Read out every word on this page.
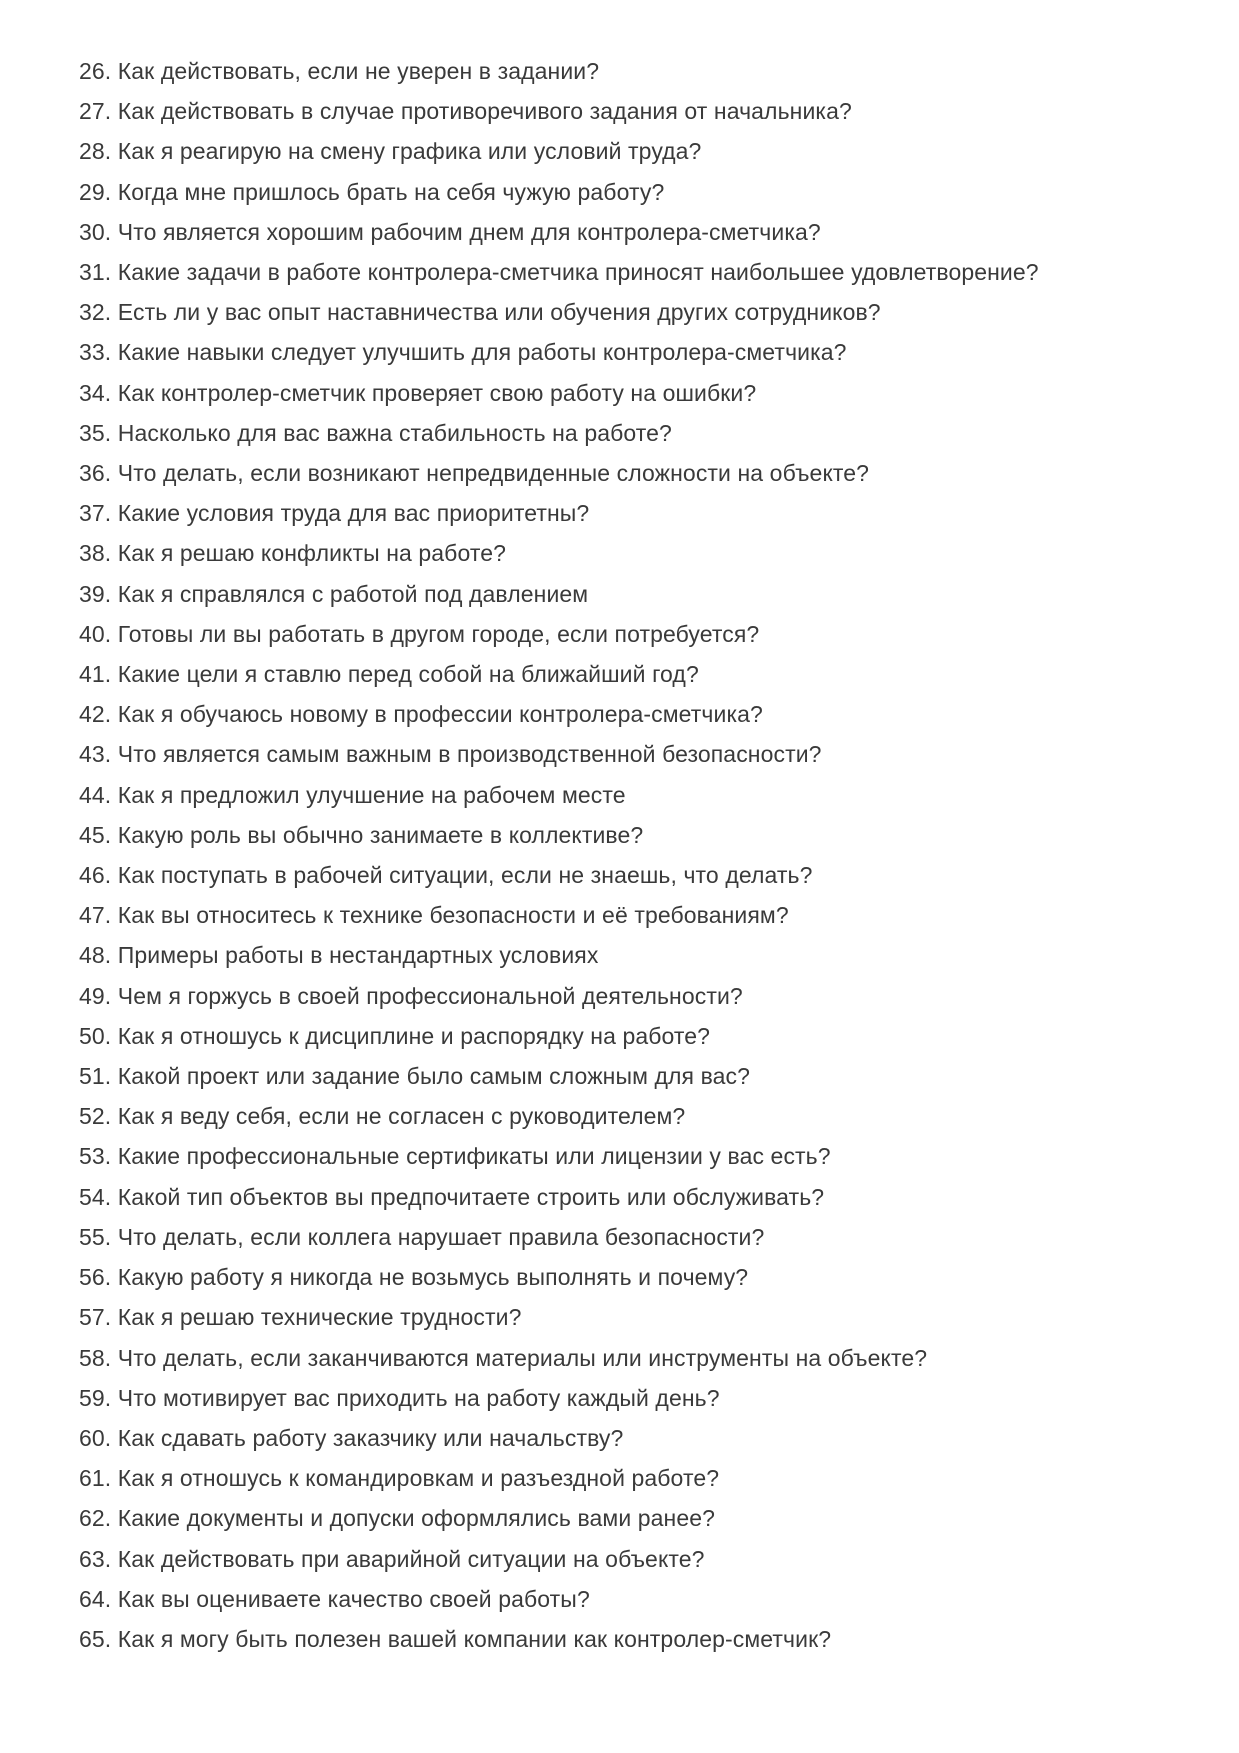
26. Как действовать, если не уверен в задании?
27. Как действовать в случае противоречивого задания от начальника?
28. Как я реагирую на смену графика или условий труда?
29. Когда мне пришлось брать на себя чужую работу?
30. Что является хорошим рабочим днем для контролера-сметчика?
31. Какие задачи в работе контролера-сметчика приносят наибольшее удовлетворение?
32. Есть ли у вас опыт наставничества или обучения других сотрудников?
33. Какие навыки следует улучшить для работы контролера-сметчика?
34. Как контролер-сметчик проверяет свою работу на ошибки?
35. Насколько для вас важна стабильность на работе?
36. Что делать, если возникают непредвиденные сложности на объекте?
37. Какие условия труда для вас приоритетны?
38. Как я решаю конфликты на работе?
39. Как я справлялся с работой под давлением
40. Готовы ли вы работать в другом городе, если потребуется?
41. Какие цели я ставлю перед собой на ближайший год?
42. Как я обучаюсь новому в профессии контролера-сметчика?
43. Что является самым важным в производственной безопасности?
44. Как я предложил улучшение на рабочем месте
45. Какую роль вы обычно занимаете в коллективе?
46. Как поступать в рабочей ситуации, если не знаешь, что делать?
47. Как вы относитесь к технике безопасности и её требованиям?
48. Примеры работы в нестандартных условиях
49. Чем я горжусь в своей профессиональной деятельности?
50. Как я отношусь к дисциплине и распорядку на работе?
51. Какой проект или задание было самым сложным для вас?
52. Как я веду себя, если не согласен с руководителем?
53. Какие профессиональные сертификаты или лицензии у вас есть?
54. Какой тип объектов вы предпочитаете строить или обслуживать?
55. Что делать, если коллега нарушает правила безопасности?
56. Какую работу я никогда не возьмусь выполнять и почему?
57. Как я решаю технические трудности?
58. Что делать, если заканчиваются материалы или инструменты на объекте?
59. Что мотивирует вас приходить на работу каждый день?
60. Как сдавать работу заказчику или начальству?
61. Как я отношусь к командировкам и разъездной работе?
62. Какие документы и допуски оформлялись вами ранее?
63. Как действовать при аварийной ситуации на объекте?
64. Как вы оцениваете качество своей работы?
65. Как я могу быть полезен вашей компании как контролер-сметчик?
